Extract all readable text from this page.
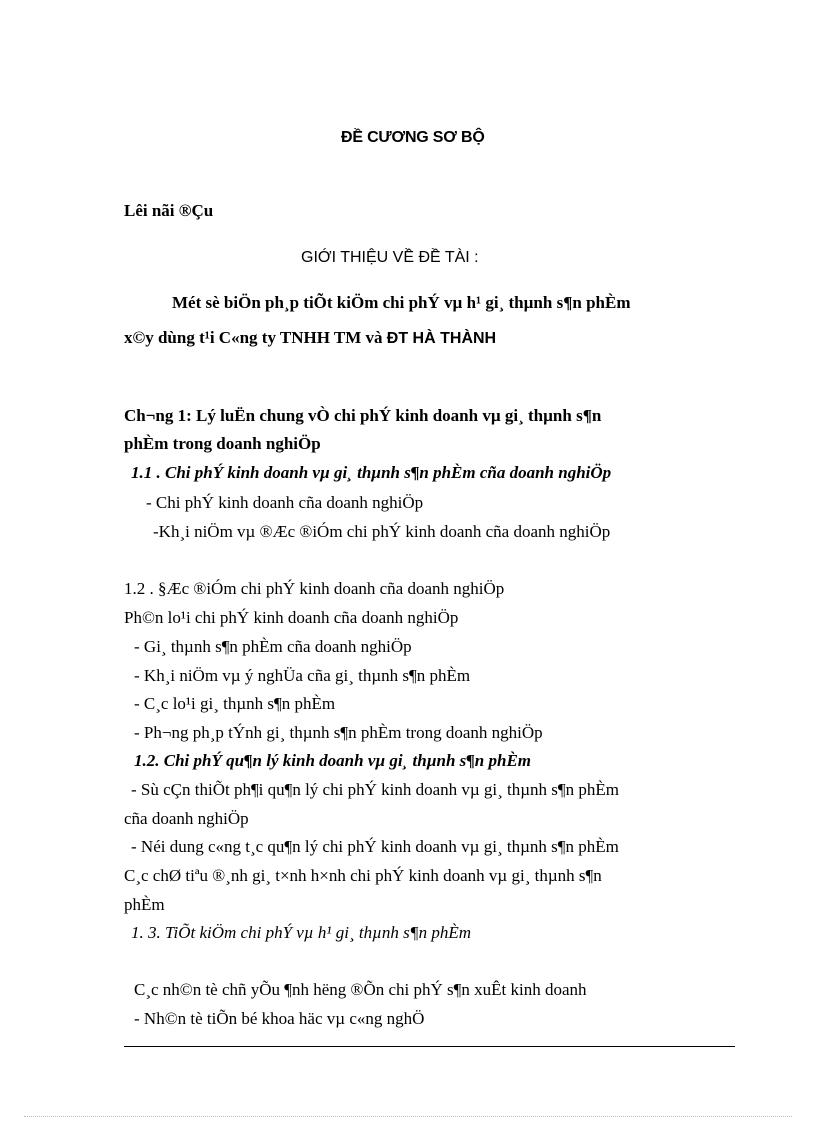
ĐỀ CƯƠNG SƠ BỘ
Lêi nãi ®Çu
GIỚI THIỆU VỀ ĐỀ TÀI :
Mét sè biÖn ph¸p tiÕt kiÖm chi phÝ vµ h¹ gi¸ thµnh s¶n phÈm
x©y dùng t¹i C«ng ty TNHH TM và ĐT HÀ THÀNH
Ch¬ng 1: Lý luËn chung vÒ chi phÝ kinh doanh vµ gi¸ thµnh s¶n
phÈm trong doanh nghiÖp
1.1 . Chi phÝ kinh doanh vµ gi¸ thµnh s¶n phÈm cña doanh nghiÖp
- Chi phÝ kinh doanh cña doanh nghiÖp
-Kh¸i niÖm vµ ®Æc ®iÓm chi phÝ kinh doanh cña doanh nghiÖp
1.2 . §Æc ®iÓm chi phÝ kinh doanh cña doanh nghiÖp
Ph©n lo¹i chi phÝ kinh doanh cña doanh nghiÖp
- Gi¸ thµnh s¶n phÈm cña doanh nghiÖp
- Kh¸i niÖm vµ ý nghÜa cña gi¸ thµnh s¶n phÈm
- C¸c lo¹i gi¸ thµnh s¶n phÈm
- Ph¬ng ph¸p tÝnh gi¸ thµnh s¶n phÈm trong doanh nghiÖp
1.2. Chi phÝ qu¶n lý kinh doanh vµ gi¸ thµnh s¶n phÈm
- Sù cÇn thiÕt ph¶i qu¶n lý chi phÝ kinh doanh vµ gi¸ thµnh s¶n phÈm
cña doanh nghiÖp
- Néi dung c«ng t¸c qu¶n lý chi phÝ kinh doanh vµ gi¸ thµnh s¶n phÈm
C¸c chØ tiªu ®¸nh gi¸ t×nh h×nh chi phÝ kinh doanh vµ gi¸ thµnh s¶n
phÈm
1. 3. TiÕt kiÖm chi phÝ vµ h¹ gi¸ thµnh s¶n phÈm
C¸c nh©n tè chñ yÕu ¶nh hëng ®Õn chi phÝ s¶n xuÊt kinh doanh
- Nh©n tè tiÕn bé khoa häc vµ c«ng nghÖ
